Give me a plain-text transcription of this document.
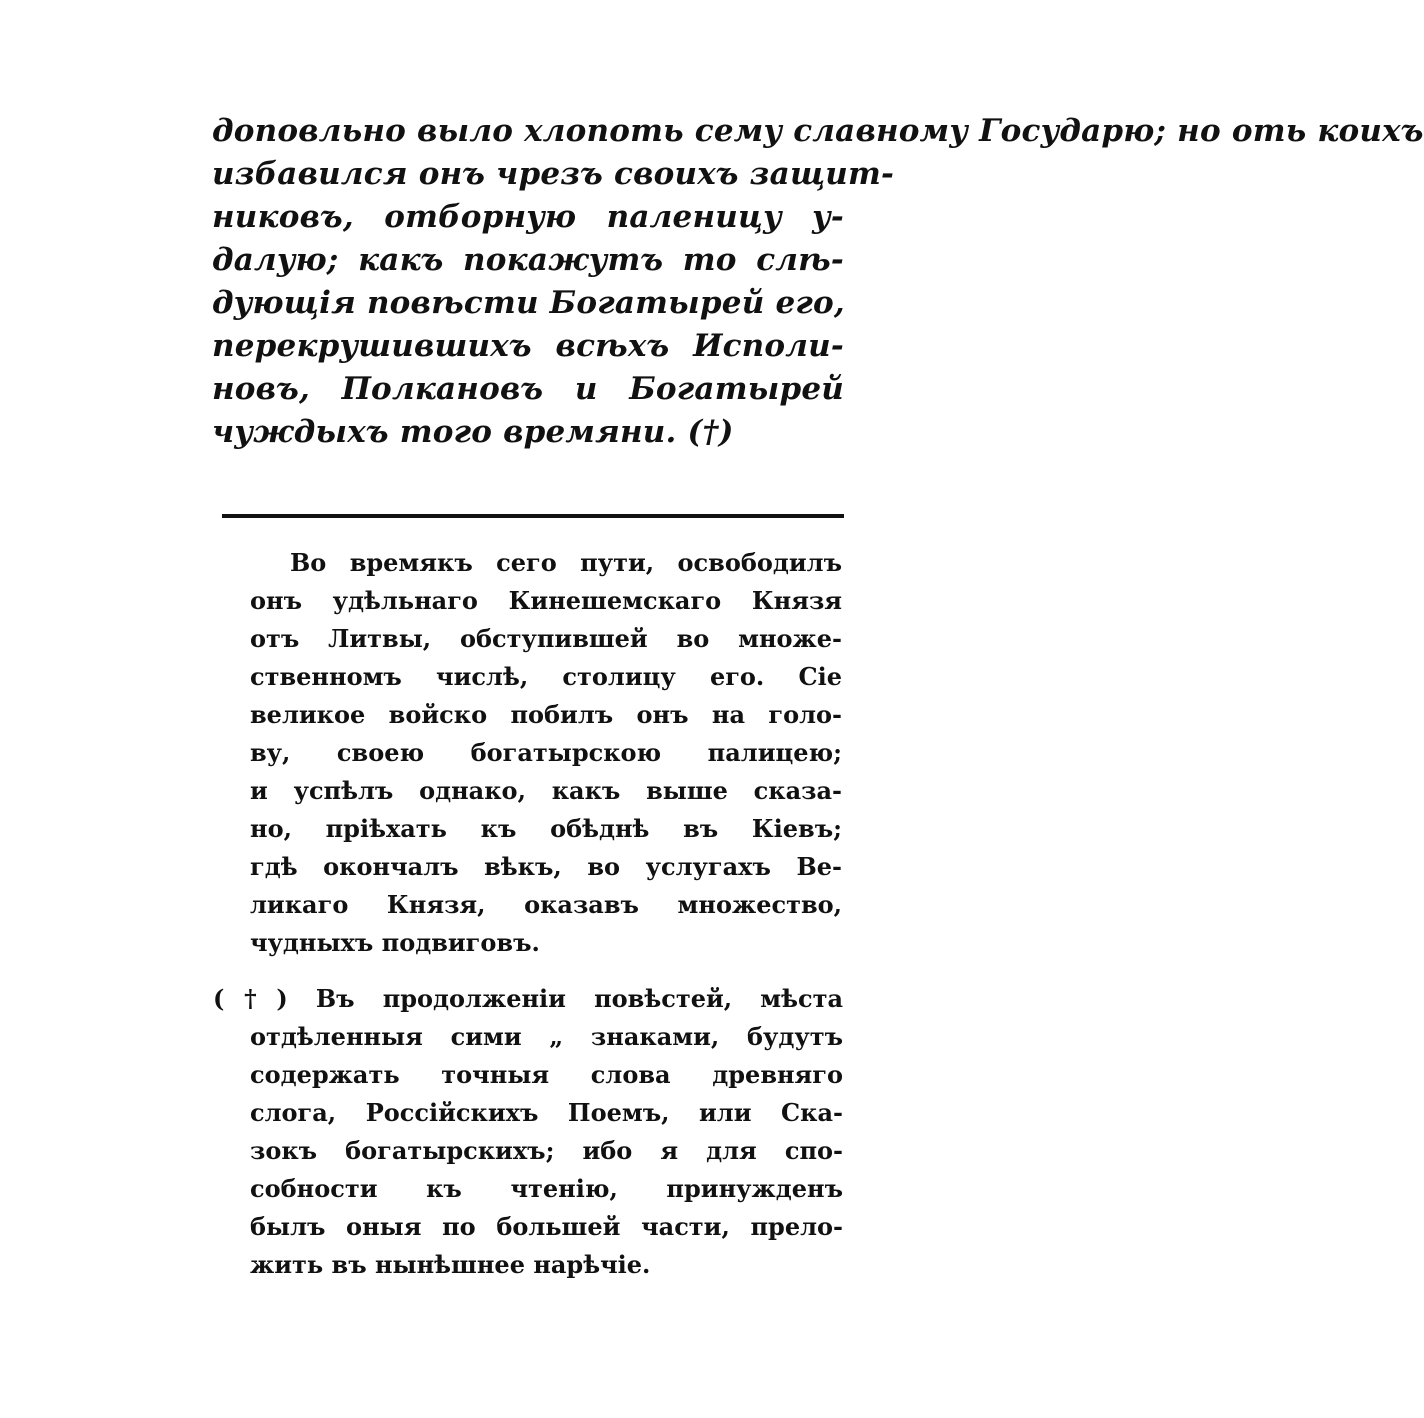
доповльно выло хлопоть сему славному Государю; но оть коихъ
избавился онъ чрезъ своихъ защит-
никовъ, отборную паленицу у-
далую; какъ покажутъ то слѣ-
дующія повѣсти Богатырей его,
перекрушившихъ всѣхъ Исполи-
новъ, Полкановъ и Богатырей
чуждыхъ того времяни. (†)
Во времякъ сего пути, освободилъ
онъ удѣльнаго Кинешемскаго Князя
отъ Литвы, обступившей во множе-
ственномъ числѣ, столицу его. Сіе
великое войско побилъ онъ на голо-
ву, своею богатырскою палицею;
и успѣлъ однако, какъ выше сказа-
но, пріѣхать къ обѣднѣ въ Кіевъ;
гдѣ окончалъ вѣкъ, во услугахъ Ве-
ликаго Князя, оказавъ множество,
чудныхъ подвиговъ.
(†) Въ продолженіи повѣстей, мѣста
отдѣленныя сими „ знаками, будутъ
содержать точныя слова древняго
слога, Россійскихъ Поемъ, или Ска-
зокъ богатырскихъ; ибо я для спо-
собности къ чтенію, принужденъ
былъ оныя по большей части, прело-
жить въ нынѣшнее нарѣчіе.
